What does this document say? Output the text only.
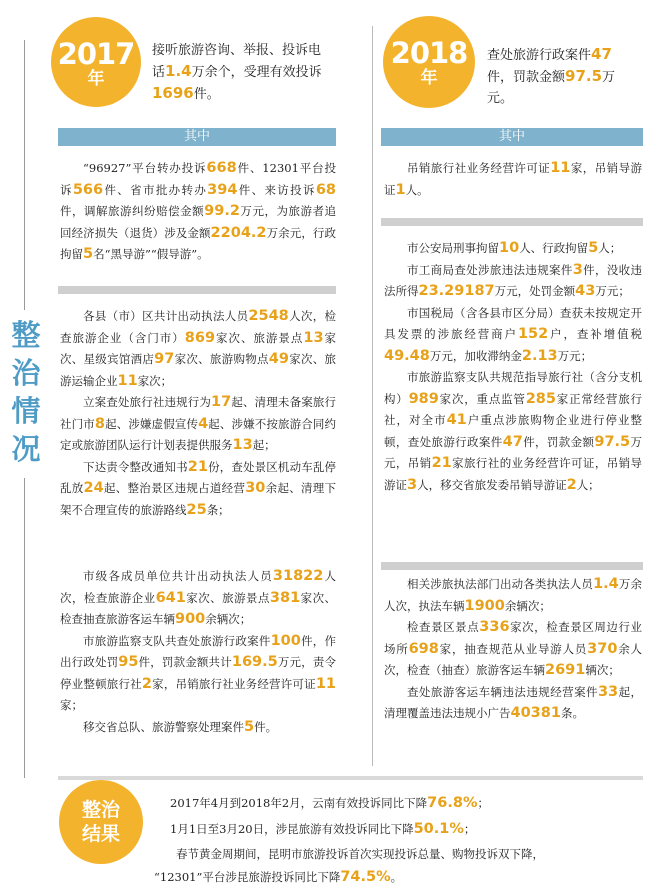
整
治
情
况
2017
年
接听旅游咨询、举报、投诉电话1.4万余个，受理有效投诉1696件。
2018
年
查处旅游行政案件47件，罚款金额97.5万元。
其中	其中

“96927”平台转办投诉668件、12301平台投诉566件、省市批办转办394件、来访投诉68件，调解旅游纠纷赔偿金额99.2万元，为旅游者追回经济损失（退货）涉及金额2204.2万余元，行政拘留5名“黑导游”“假导游”。

各县（市）区共计出动执法人员2548人次，检查旅游企业（含门市）869家次、旅游景点13家次、星级宾馆酒店97家次、旅游购物点49家次、旅游运输企业11家次；

立案查处旅行社违规行为17起、清理未备案旅行社门市8起、涉嫌虚假宣传4起、涉嫌不按旅游合同约定或旅游团队运行计划表提供服务13起；

下达责令整改通知书21份，查处景区机动车乱停乱放24起、整治景区违规占道经营30余起、清理下架不合理宣传的旅游路线25条；

市级各成员单位共计出动执法人员31822人次，检查旅游企业641家次、旅游景点381家次、检查抽查旅游客运车辆900余辆次；

市旅游监察支队共查处旅游行政案件100件，作出行政处罚95件，罚款金额共计169.5万元，责令停业整顿旅行社2家，吊销旅行社业务经营许可证11家；

移交省总队、旅游警察处理案件5件。

吊销旅行社业务经营许可证11家，吊销导游证1人。

市公安局刑事拘留10人、行政拘留5人；

市工商局查处涉旅违法违规案件3件，没收违法所得23.29187万元，处罚金额43万元；

市国税局（含各县市区分局）查获未按规定开具发票的涉旅经营商户152户，查补增值税49.48万元，加收滞纳金2.13万元；

市旅游监察支队共规范指导旅行社（含分支机构）989家次，重点监管285家正常经营旅行社，对全市41户重点涉旅购物企业进行停业整顿，查处旅游行政案件47件，罚款金额97.5万元，吊销21家旅行社的业务经营许可证，吊销导游证3人，移交省旅发委吊销导游证2人；

相关涉旅执法部门出动各类执法人员1.4万余人次，执法车辆1900余辆次；

检查景区景点336家次，检查景区周边行业场所698家，抽查规范从业导游人员370余人次，检查（抽查）旅游客运车辆2691辆次；

查处旅游客运车辆违法违规经营案件33起，清理覆盖违法违规小广告40381条。

整治
结果
2017年4月到2018年2月，云南有效投诉同比下降76.8%；
1月1日至3月20日，涉昆旅游有效投诉同比下降50.1%；
春节黄金周期间，昆明市旅游投诉首次实现投诉总量、购物投诉双下降，
“12301”平台涉昆旅游投诉同比下降74.5%。
